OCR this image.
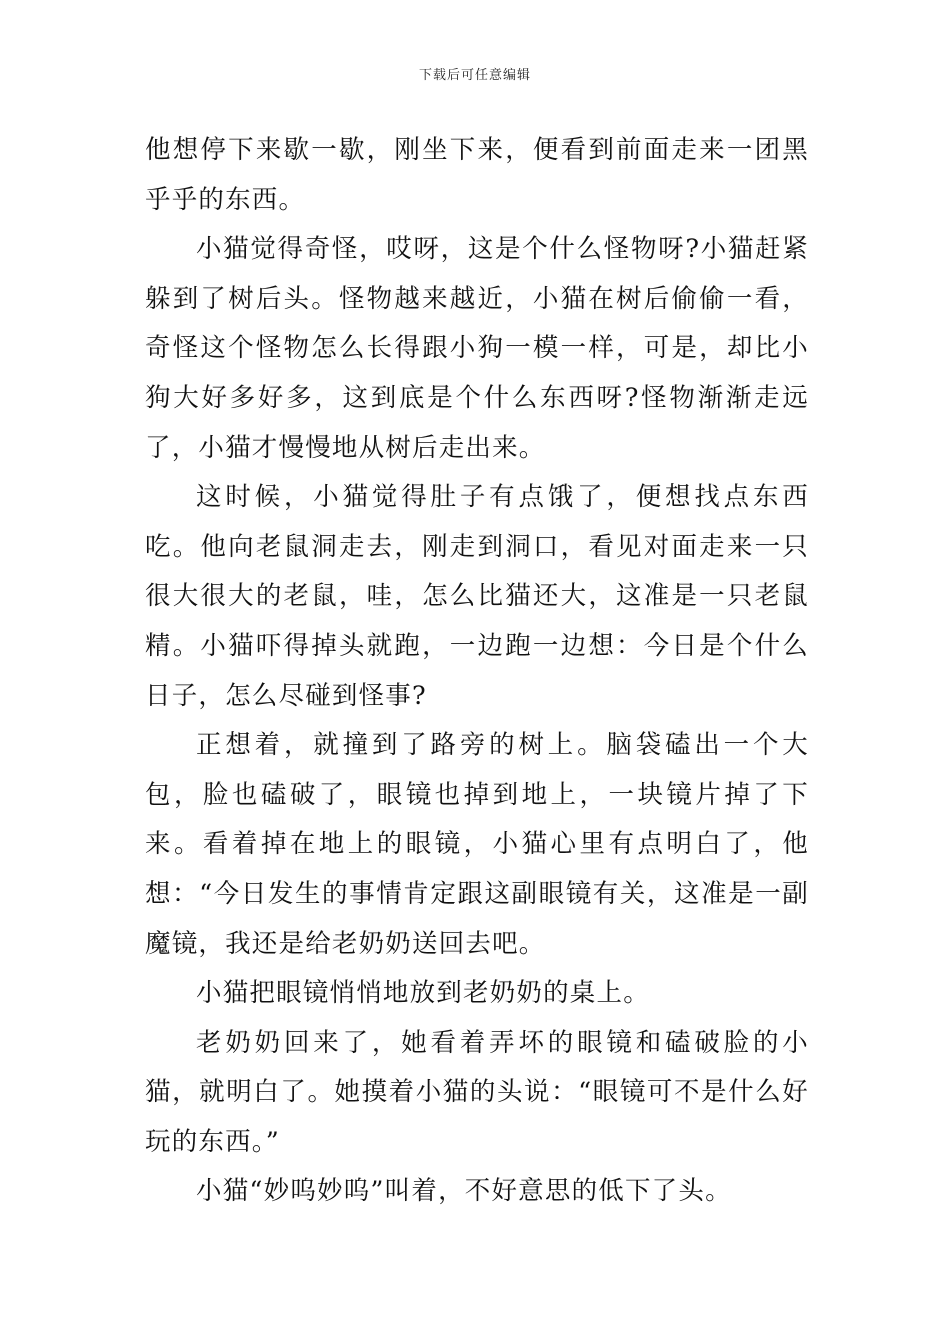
下载后可任意编辑

他想停下来歇一歇，刚坐下来，便看到前面走来一团黑乎乎的东西。

小猫觉得奇怪，哎呀，这是个什么怪物呀?小猫赶紧躲到了树后头。怪物越来越近，小猫在树后偷偷一看，奇怪这个怪物怎么长得跟小狗一模一样，可是，却比小狗大好多好多，这到底是个什么东西呀?怪物渐渐走远了，小猫才慢慢地从树后走出来。

这时候，小猫觉得肚子有点饿了，便想找点东西吃。他向老鼠洞走去，刚走到洞口，看见对面走来一只很大很大的老鼠，哇，怎么比猫还大，这准是一只老鼠精。小猫吓得掉头就跑，一边跑一边想：今日是个什么日子，怎么尽碰到怪事?

正想着，就撞到了路旁的树上。脑袋磕出一个大包，脸也磕破了，眼镜也掉到地上，一块镜片掉了下来。看着掉在地上的眼镜，小猫心里有点明白了，他想：“今日发生的事情肯定跟这副眼镜有关，这准是一副魔镜，我还是给老奶奶送回去吧。

小猫把眼镜悄悄地放到老奶奶的桌上。

老奶奶回来了，她看着弄坏的眼镜和磕破脸的小猫，就明白了。她摸着小猫的头说：“眼镜可不是什么好玩的东西。”

小猫“妙呜妙呜”叫着，不好意思的低下了头。
